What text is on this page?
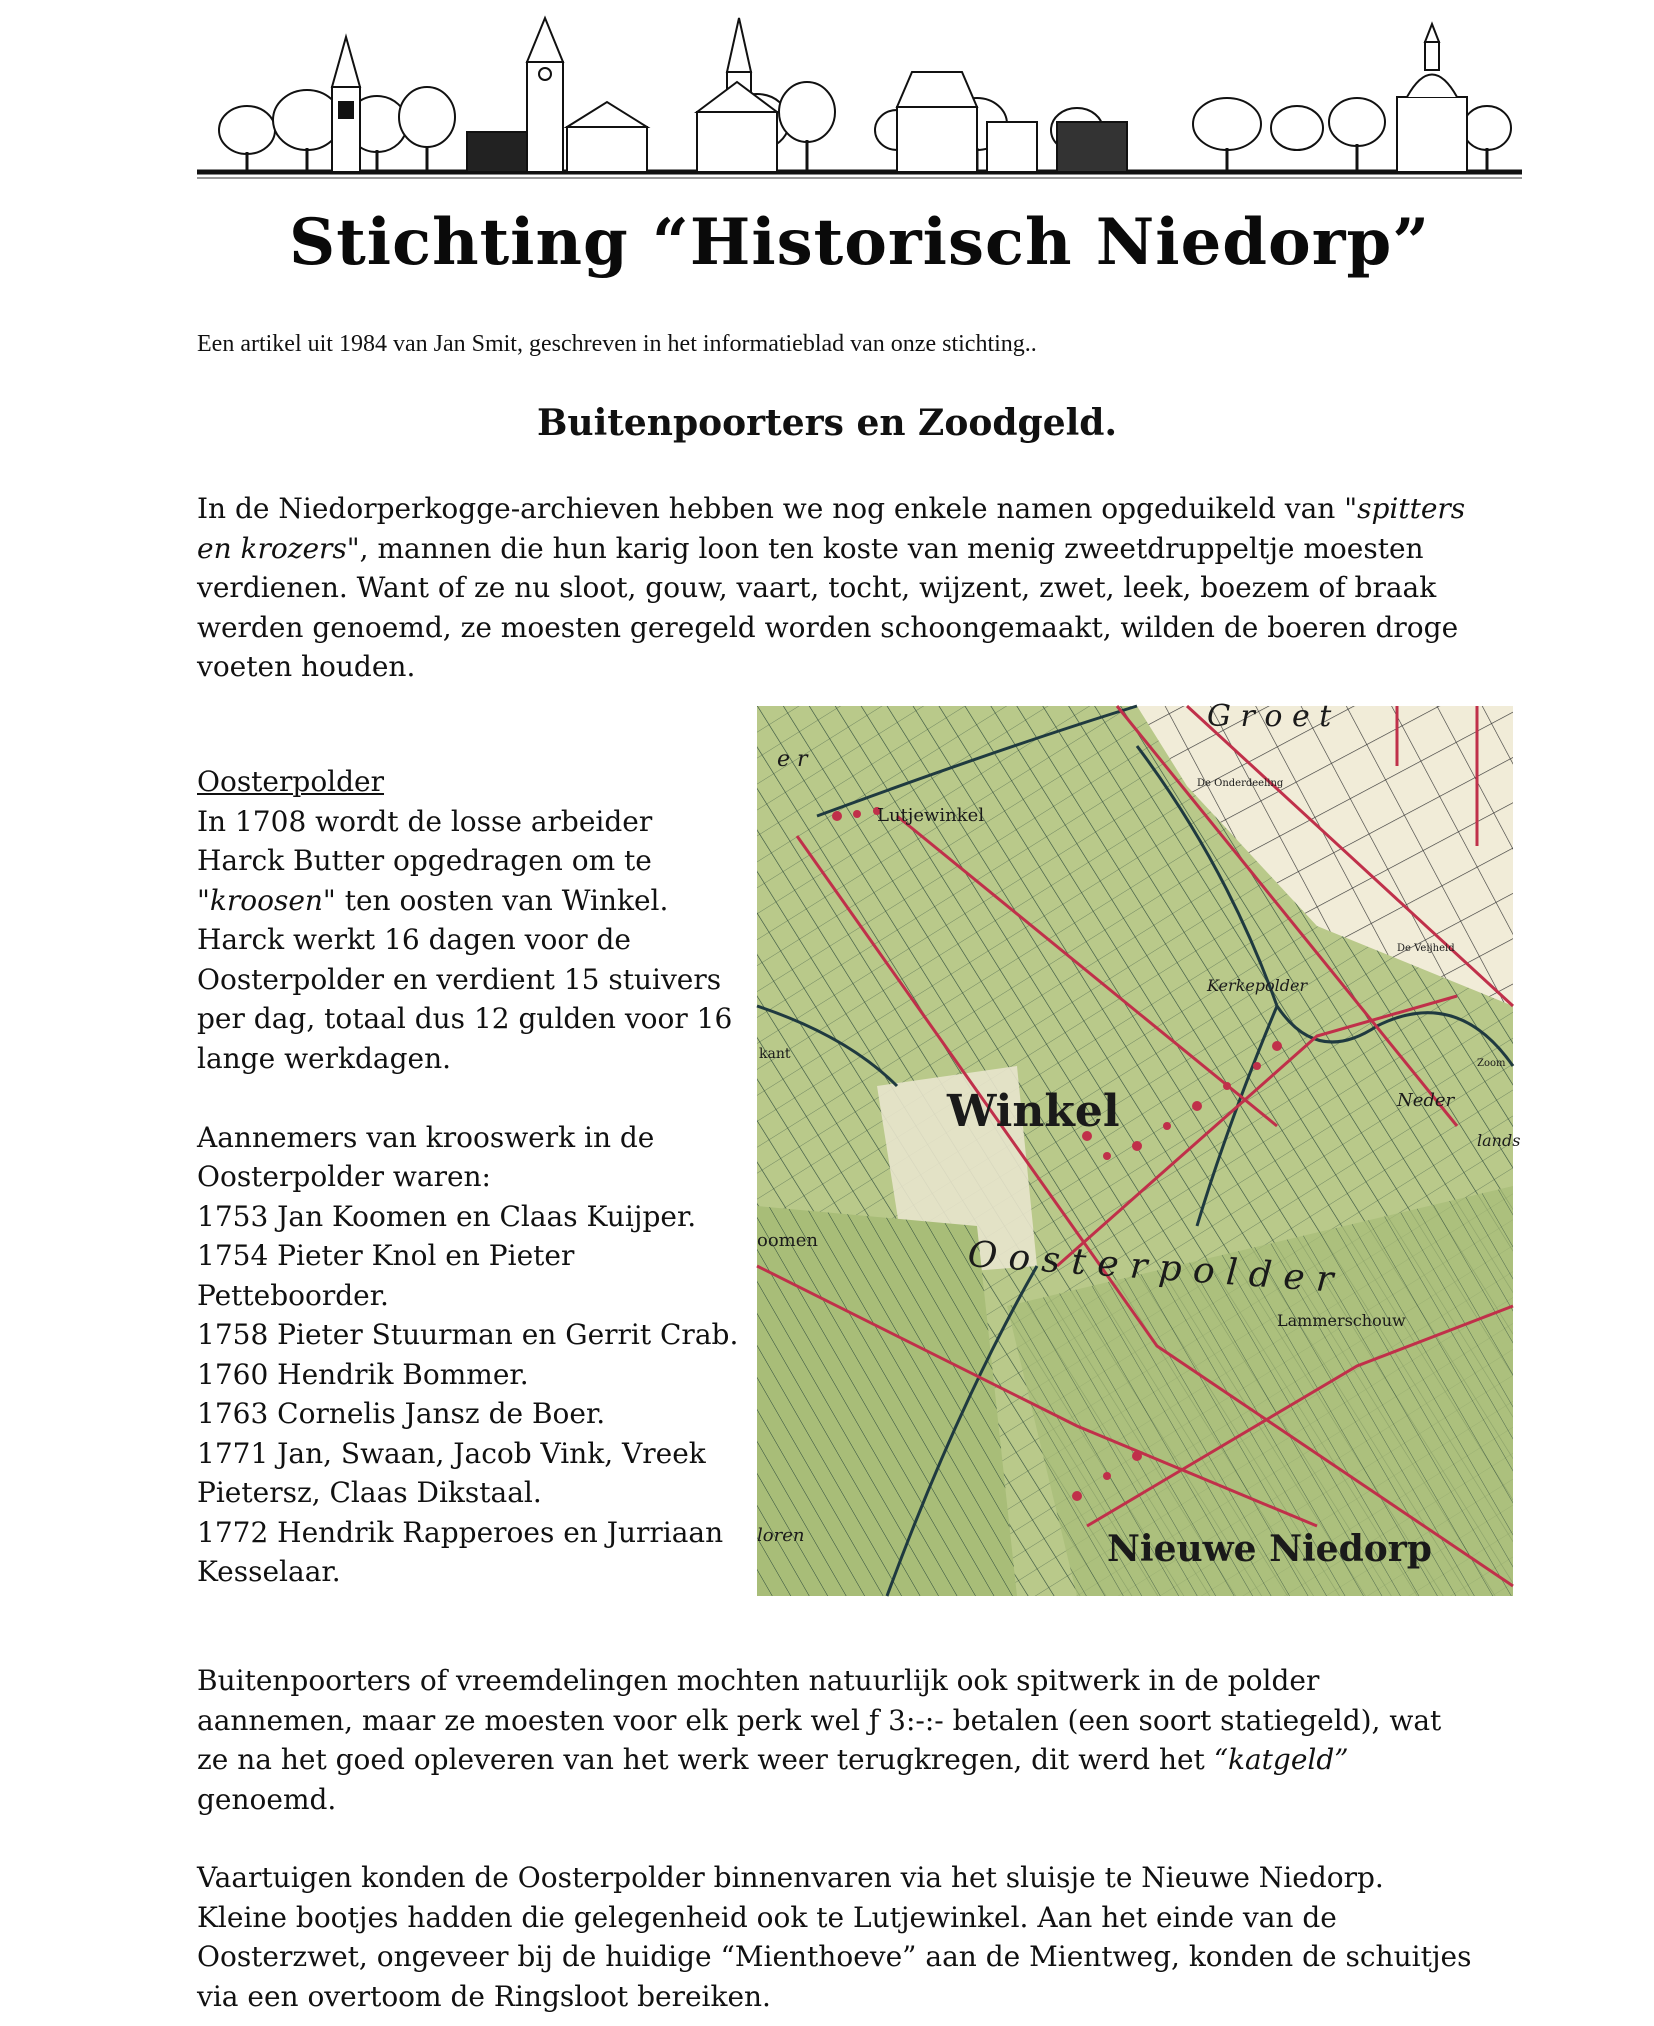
Stichting “Historisch Niedorp”
Een artikel uit 1984 van Jan Smit, geschreven in het informatieblad van onze stichting..
Buitenpoorters en Zoodgeld.
In de Niedorperkogge-archieven hebben we nog enkele namen opgeduikeld van "spitters
en krozers", mannen die hun karig loon ten koste van menig zweetdruppeltje moesten
verdienen. Want of ze nu sloot, gouw, vaart, tocht, wijzent, zwet, leek, boezem of braak
werden genoemd, ze moesten geregeld worden schoongemaakt, wilden de boeren droge
voeten houden.
Oosterpolder
In 1708 wordt de losse arbeider
Harck Butter opgedragen om te
"kroosen" ten oosten van Winkel.
Harck werkt 16 dagen voor de
Oosterpolder en verdient 15 stuivers
per dag, totaal dus 12 gulden voor 16
lange werkdagen.

Aannemers van krooswerk in de
Oosterpolder waren:
1753 Jan Koomen en Claas Kuijper.
1754 Pieter Knol en Pieter
Petteboorder.
1758 Pieter Stuurman en Gerrit Crab.
1760 Hendrik Bommer.
1763 Cornelis Jansz de Boer.
1771 Jan, Swaan, Jacob Vink, Vreek
Pietersz, Claas Dikstaal.
1772 Hendrik Rapperoes en Jurriaan
Kesselaar.
Winkel
O o s t e r p o l d e r
Nieuwe Niedorp
Lutjewinkel
G r o e t
Kerkepolder
Lammerschouw
De Onderdeeling
De Veijheid
Neder
lands
oomen
loren
kant
Zoom
e r
Buitenpoorters of vreemdelingen mochten natuurlijk ook spitwerk in de polder
aannemen, maar ze moesten voor elk perk wel ƒ 3:-:- betalen (een soort statiegeld), wat
ze na het goed opleveren van het werk weer terugkregen, dit werd het “katgeld”
genoemd.
Vaartuigen konden de Oosterpolder binnenvaren via het sluisje te Nieuwe Niedorp.
Kleine bootjes hadden die gelegenheid ook te Lutjewinkel. Aan het einde van de
Oosterzwet, ongeveer bij de huidige “Mienthoeve” aan de Mientweg, konden de schuitjes
via een overtoom de Ringsloot bereiken.
